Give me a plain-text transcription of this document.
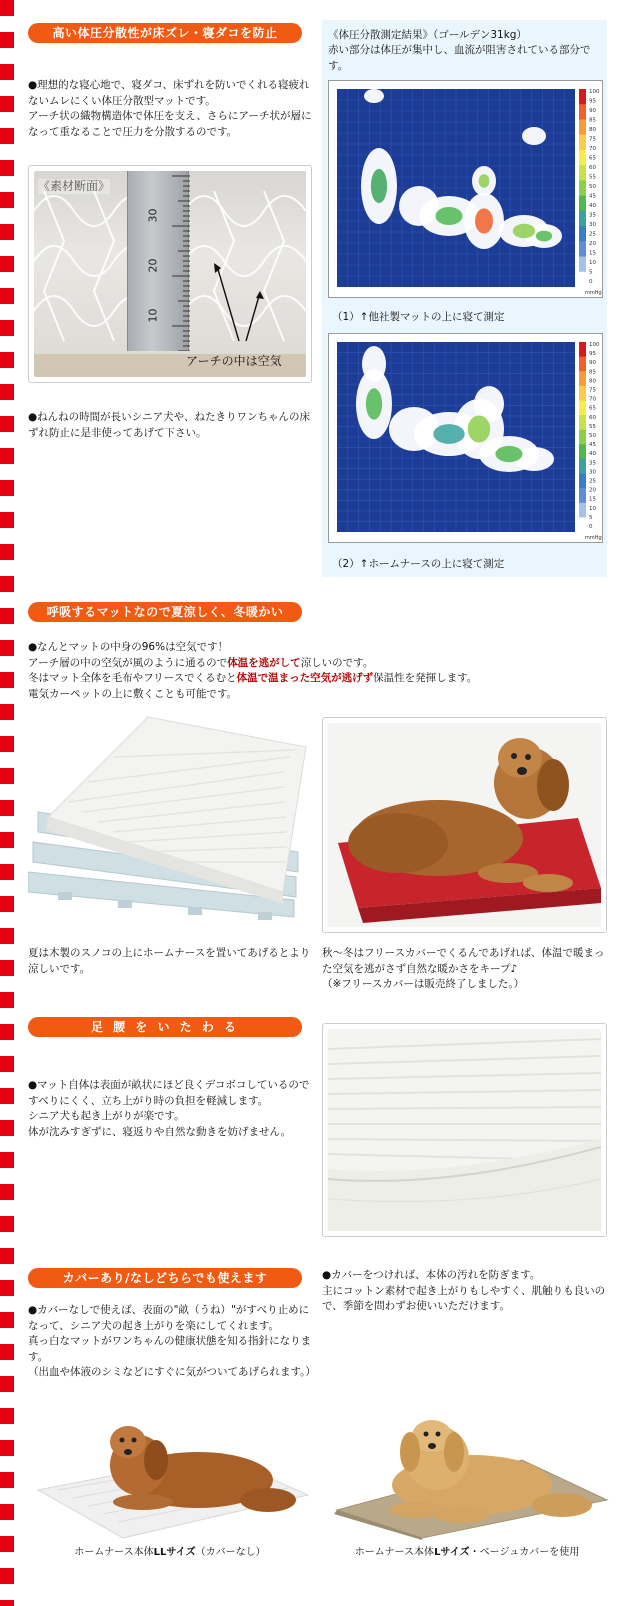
高い体圧分散性が床ズレ・寝ダコを防止
●理想的な寝心地で、寝ダコ、床ずれを防いでくれる寝疲れないムレにくい体圧分散型マットです。
アーチ状の織物構造体で体圧を支え、さらにアーチ状が層になって重なることで圧力を分散するのです。
30
20
10
《素材断面》
アーチの中は空気
●ねんねの時間が長いシニア犬や、ねたきりワンちゃんの床ずれ防止に是非使ってあげて下さい。
《体圧分散測定結果》（ゴールデン31kg）
赤い部分は体圧が集中し、血流が阻害されている部分です。
100
95
90
85
80
75
70
65
60
55
50
45
40
35
30
25
20
15
10
5
0
mmHg
（1）↑他社製マットの上に寝て測定
100
95
90
85
80
75
70
65
60
55
50
45
40
35
30
25
20
15
10
5
0
mmHg
（2）↑ホームナースの上に寝て測定
呼吸するマットなので夏涼しく、冬暖かい
●なんとマットの中身の96%は空気です！
アーチ層の中の空気が風のように通るので体温を逃がして涼しいのです。
冬はマット全体を毛布やフリースでくるむと体温で温まった空気が逃げず保温性を発揮します。
電気カーペットの上に敷くことも可能です。
夏は木製のスノコの上にホームナースを置いてあげるとより涼しいです。
秋〜冬はフリースカバーでくるんであげれば、体温で暖まった空気を逃がさず自然な暖かさをキープ♪
（※フリースカバーは販売終了しました。）
足 腰 を い た わ る
●マット自体は表面が畝状にほど良くデコボコしているのですべりにくく、立ち上がり時の負担を軽減します。
シニア犬も起き上がりが楽です。
体が沈みすぎずに、寝返りや自然な動きを妨げません。
カバーあり/なしどちらでも使えます
●カバーなしで使えば、表面の"畝（うね）"がすべり止めになって、シニア犬の起き上がりを楽にしてくれます。
真っ白なマットがワンちゃんの健康状態を知る指針になります。
（出血や体液のシミなどにすぐに気がついてあげられます。）
●カバーをつければ、本体の汚れを防ぎます。
主にコットン素材で起き上がりもしやすく、肌触りも良いので、季節を問わずお使いいただけます。
ホームナース本体LLサイズ（カバーなし）	ホームナース本体Lサイズ・ベージュカバーを使用
